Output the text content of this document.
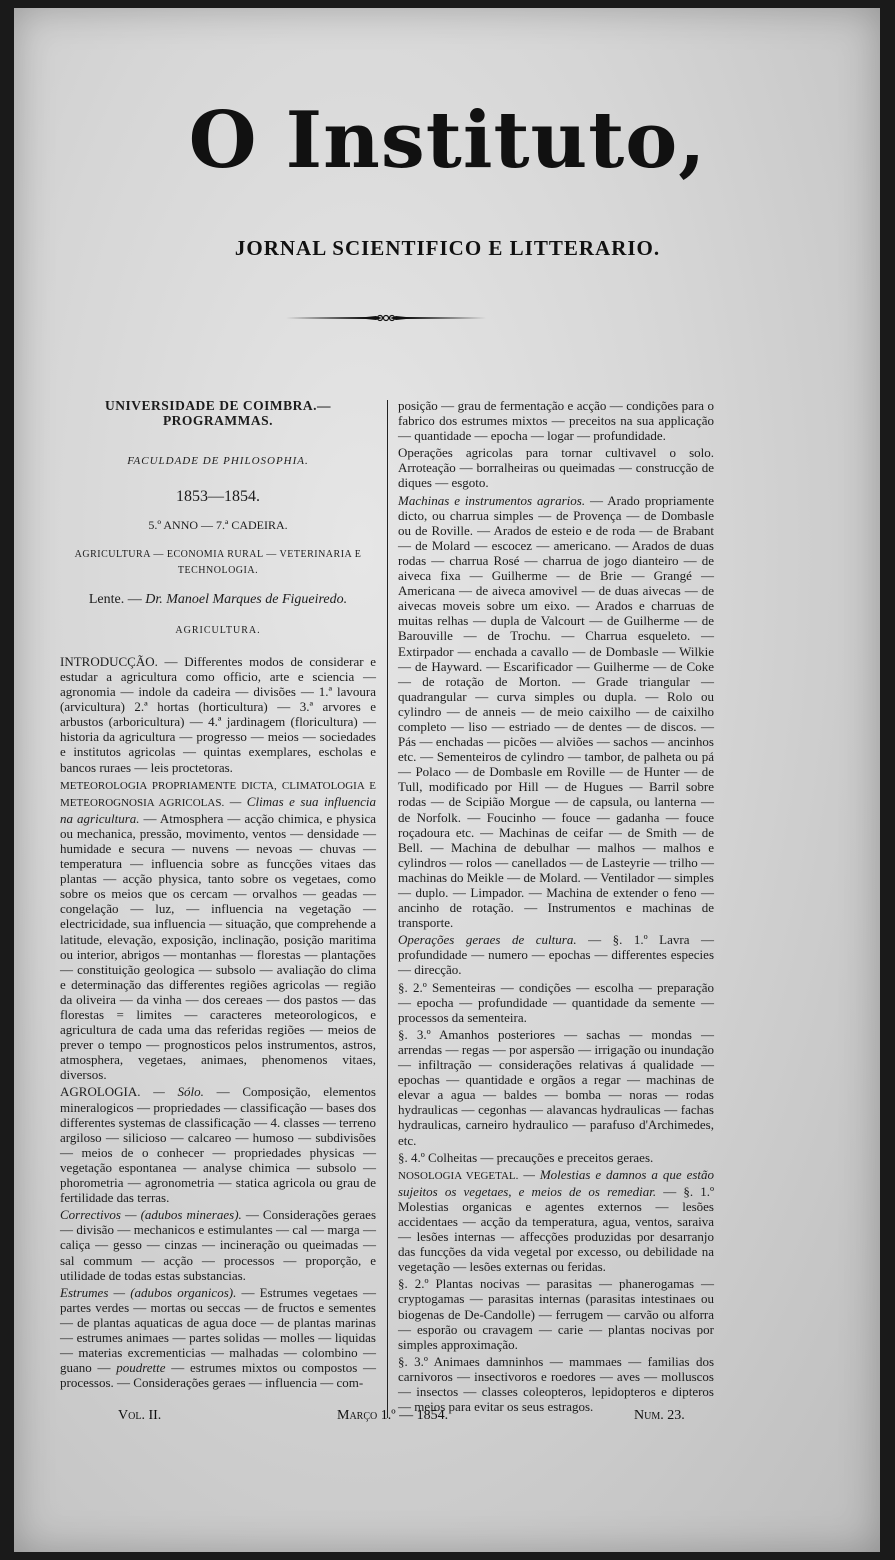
O Instituto,
JORNAL SCIENTIFICO E LITTERARIO.

UNIVERSIDADE DE COIMBRA.— PROGRAMMAS.

FACULDADE DE PHILOSOPHIA.

1853—1854.

5.º ANNO — 7.ª CADEIRA.

AGRICULTURA — ECONOMIA RURAL — VETERINARIA E TECHNOLOGIA.

Lente. — Dr. Manoel Marques de Figueiredo.

AGRICULTURA.

INTRODUCÇÃO. — Differentes modos de considerar e estudar a agricultura como officio, arte e sciencia — agronomia — indole da cadeira — divisões — 1.ª lavoura (arvicultura) 2.ª hortas (horticultura) — 3.ª arvores e arbustos (arboricultura) — 4.ª jardinagem (floricultura) — historia da agricultura — progresso — meios — sociedades e institutos agricolas — quintas exemplares, escholas e bancos ruraes — leis proctetoras.

METEOROLOGIA PROPRIAMENTE DICTA, CLIMATOLOGIA E METEOROGNOSIA AGRICOLAS. — Climas e sua influencia na agricultura. — Atmosphera — acção chimica, e physica ou mechanica, pressão, movimento, ventos — densidade — humidade e secura — nuvens — nevoas — chuvas — temperatura — influencia sobre as funcções vitaes das plantas — acção physica, tanto sobre os vegetaes, como sobre os meios que os cercam — orvalhos — geadas — congelação — luz, — influencia na vegetação — electricidade, sua influencia — situação, que comprehende a latitude, elevação, exposição, inclinação, posição maritima ou interior, abrigos — montanhas — florestas — plantações — constituição geologica — subsolo — avaliação do clima e determinação das differentes regiões agricolas — região da oliveira — da vinha — dos cereaes — dos pastos — das florestas = limites — caracteres meteorologicos, e agricultura de cada uma das referidas regiões — meios de prever o tempo — prognosticos pelos instrumentos, astros, atmosphera, vegetaes, animaes, phenomenos vitaes, diversos.

AGROLOGIA. — Sólo. — Composição, elementos mineralogicos — propriedades — classificação — bases dos differentes systemas de classificação — 4. classes — terreno argiloso — silicioso — calcareo — humoso — subdivisões — meios de o conhecer — propriedades physicas — vegetação espontanea — analyse chimica — subsolo — phorometria — agronometria — statica agricola ou grau de fertilidade das terras.

Correctivos — (adubos mineraes). — Considerações geraes — divisão — mechanicos e estimulantes — cal — marga — caliça — gesso — cinzas — incineração ou queimadas — sal commum — acção — processos — proporção, e utilidade de todas estas substancias.

Estrumes — (adubos organicos). — Estrumes vegetaes — partes verdes — mortas ou seccas — de fructos e sementes — de plantas aquaticas de agua doce — de plantas marinas — estrumes animaes — partes solidas — molles — liquidas — materias excrementicias — malhadas — colombino — guano — poudrette — estrumes mixtos ou compostos — processos. — Considerações geraes — influencia — com-

posição — grau de fermentação e acção — condições para o fabrico dos estrumes mixtos — preceitos na sua applicação — quantidade — epocha — logar — profundidade.

Operações agricolas para tornar cultivavel o solo. Arroteação — borralheiras ou queimadas — construcção de diques — esgoto.

Machinas e instrumentos agrarios. — Arado propriamente dicto, ou charrua simples — de Provença — de Dombasle ou de Roville. — Arados de esteio e de roda — de Brabant — de Molard — escocez — americano. — Arados de duas rodas — charrua Rosé — charrua de jogo dianteiro — de aiveca fixa — Guilherme — de Brie — Grangé — Americana — de aiveca amovivel — de duas aivecas — de aivecas moveis sobre um eixo. — Arados e charruas de muitas relhas — dupla de Valcourt — de Guilherme — de Barouville — de Trochu. — Charrua esqueleto. — Extirpador — enchada a cavallo — de Dombasle — Wilkie — de Hayward. — Escarificador — Guilherme — de Coke — de rotação de Morton. — Grade triangular — quadrangular — curva simples ou dupla. — Rolo ou cylindro — de anneis — de meio caixilho — de caixilho completo — liso — estriado — de dentes — de discos. — Pás — enchadas — picões — alviões — sachos — ancinhos etc. — Sementeiros de cylindro — tambor, de palheta ou pá — Polaco — de Dombasle em Roville — de Hunter — de Tull, modificado por Hill — de Hugues — Barril sobre rodas — de Scipião Morgue — de capsula, ou lanterna — de Norfolk. — Foucinho — fouce — gadanha — fouce roçadoura etc. — Machinas de ceifar — de Smith — de Bell. — Machina de debulhar — malhos — malhos e cylindros — rolos — canellados — de Lasteyrie — trilho — machinas do Meikle — de Molard. — Ventilador — simples — duplo. — Limpador. — Machina de extender o feno — ancinho de rotação. — Instrumentos e machinas de transporte.

Operações geraes de cultura. — §. 1.º Lavra — profundidade — numero — epochas — differentes especies — direcção.

§. 2.º Sementeiras — condições — escolha — preparação — epocha — profundidade — quantidade da semente — processos da sementeira.

§. 3.º Amanhos posteriores — sachas — mondas — arrendas — regas — por aspersão — irrigação ou inundação — infiltração — considerações relativas á qualidade — epochas — quantidade e orgãos a regar — machinas de elevar a agua — baldes — bomba — noras — rodas hydraulicas — cegonhas — alavancas hydraulicas — fachas hydraulicas, carneiro hydraulico — parafuso d'Archimedes, etc.

§. 4.º Colheitas — precauções e preceitos geraes.

NOSOLOGIA VEGETAL. — Molestias e damnos a que estão sujeitos os vegetaes, e meios de os remediar. — §. 1.º Molestias organicas e agentes externos — lesões accidentaes — acção da temperatura, agua, ventos, saraiva — lesões internas — affecções produzidas por desarranjo das funcções da vida vegetal por excesso, ou debilidade na vegetação — lesões externas ou feridas.

§. 2.º Plantas nocivas — parasitas — phanerogamas — cryptogamas — parasitas internas (parasitas intestinaes ou biogenas de De-Candolle) — ferrugem — carvão ou alforra — esporão ou cravagem — carie — plantas nocivas por simples approximação.

§. 3.º Animaes damninhos — mammaes — familias dos carnivoros — insectivoros e roedores — aves — molluscos — insectos — classes coleopteros, lepidopteros e dipteros — meios para evitar os seus estragos.

Vol. II.	Março 1.º — 1854.	Num. 23.
